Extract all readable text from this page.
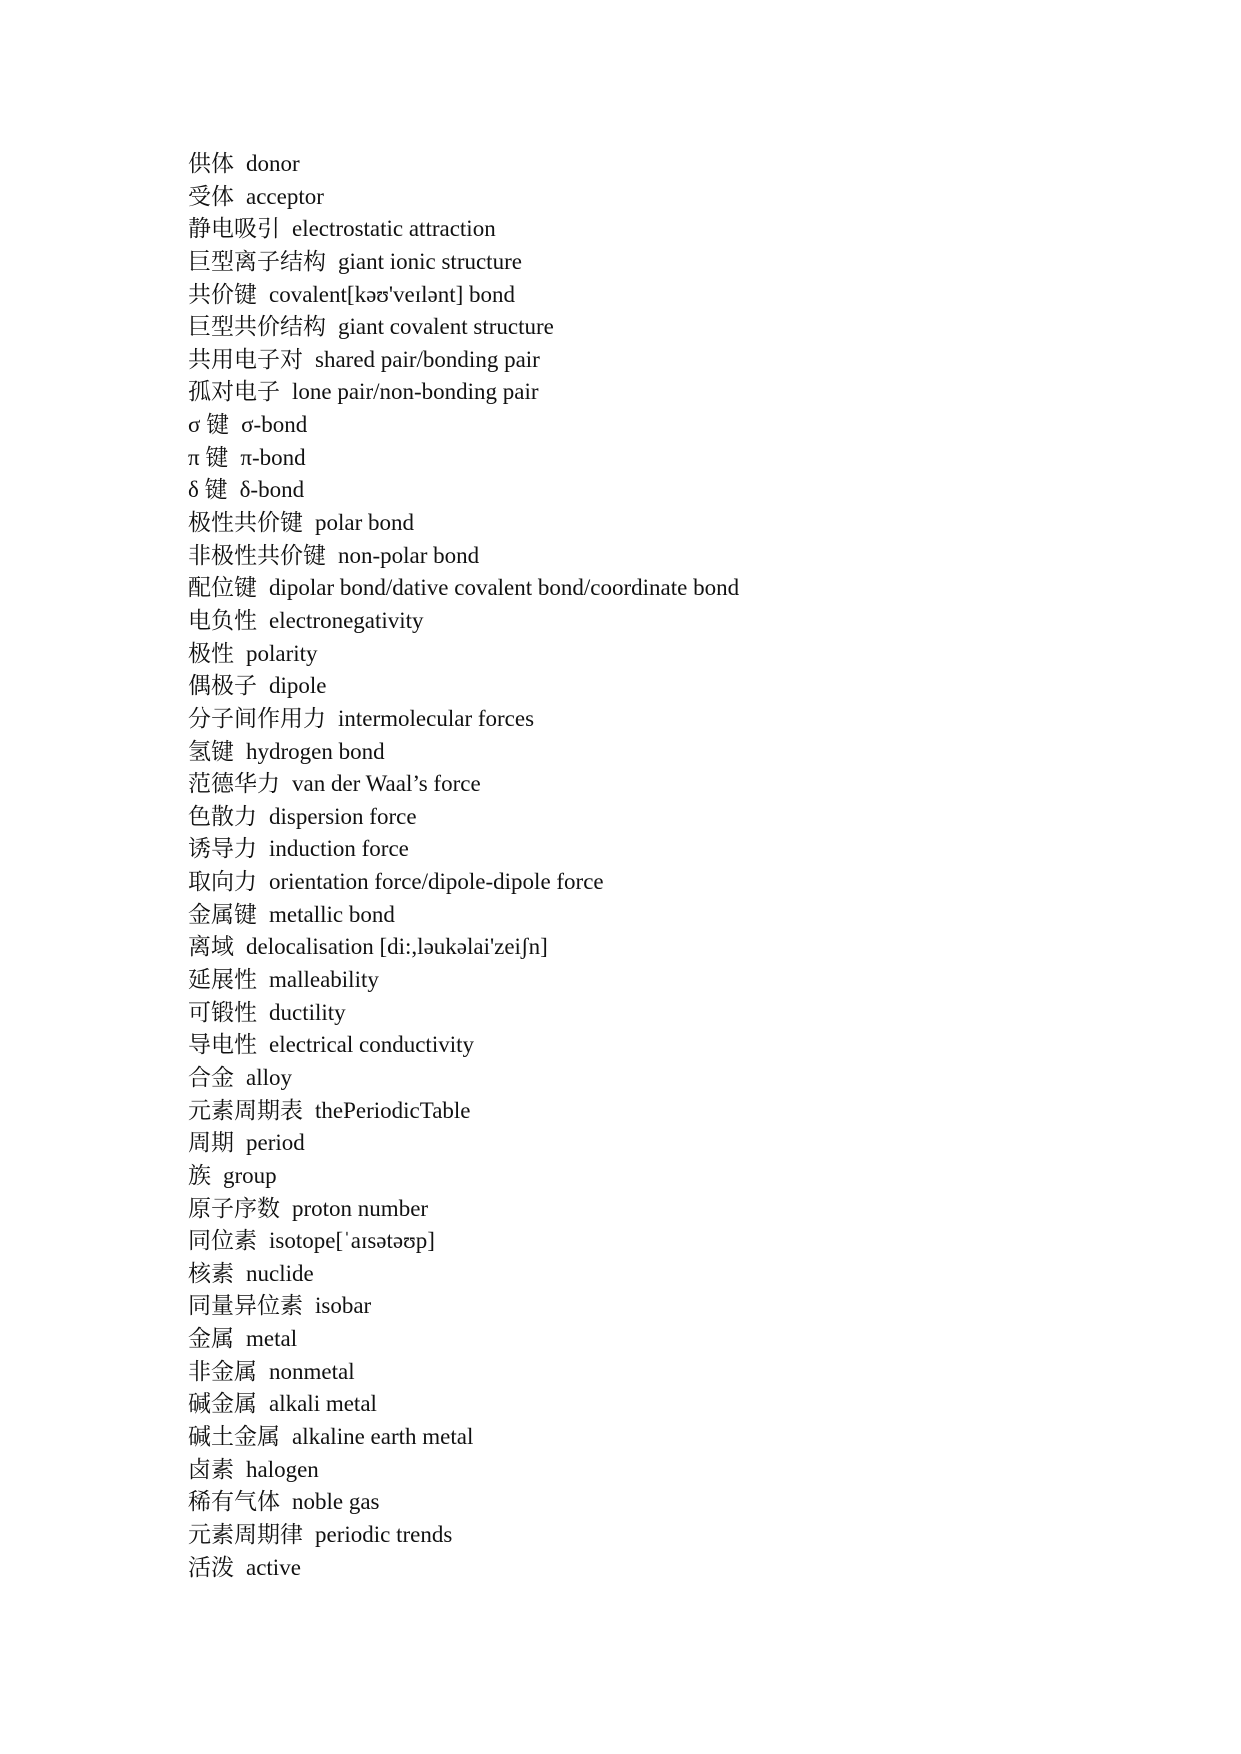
供体 donor
受体 acceptor
静电吸引 electrostatic attraction
巨型离子结构 giant ionic structure
共价键 covalent[kəʊ'veɪlənt] bond
巨型共价结构 giant covalent structure
共用电子对 shared pair/bonding pair
孤对电子 lone pair/non-bonding pair
σ 键 σ-bond
π 键 π-bond
δ 键 δ-bond
极性共价键 polar bond
非极性共价键 non-polar bond
配位键 dipolar bond/dative covalent bond/coordinate bond
电负性 electronegativity
极性 polarity
偶极子 dipole
分子间作用力 intermolecular forces
氢键 hydrogen bond
范德华力 van der Waal’s force
色散力 dispersion force
诱导力 induction force
取向力 orientation force/dipole-dipole force
金属键 metallic bond
离域 delocalisation [di:,ləukəlai'zeiʃn]
延展性 malleability
可锻性 ductility
导电性 electrical conductivity
合金 alloy
元素周期表 thePeriodicTable
周期 period
族 group
原子序数 proton number
同位素 isotope[ˈaɪsətəʊp]
核素 nuclide
同量异位素 isobar
金属 metal
非金属 nonmetal
碱金属 alkali metal
碱土金属 alkaline earth metal
卤素 halogen
稀有气体 noble gas
元素周期律 periodic trends
活泼 active
